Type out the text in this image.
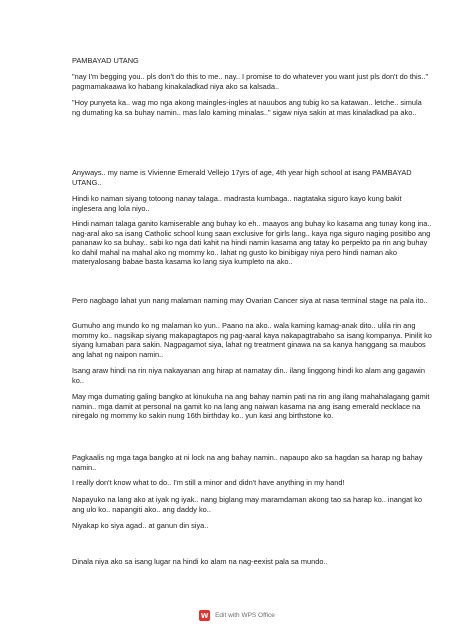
PAMBAYAD UTANG

"nay I'm begging you.. pls don't do this to me.. nay.. I promise to do whatever you want just pls don't do this.." pagmamakaawa ko habang kinakaladkad niya ako sa kalsada..

"Hoy punyeta ka.. wag mo nga akong maingles-ingles at nauubos ang tubig ko sa katawan.. letche.. simula ng dumating ka sa buhay namin.. mas lalo kaming minalas.." sigaw niya sakin at mas kinaladkad pa ako..

Anyways.. my name is Vivienne Emerald Vellejo 17yrs of age, 4th year high school at isang PAMBAYAD UTANG..

Hindi ko naman siyang totoong nanay talaga.. madrasta kumbaga.. nagtataka siguro kayo kung bakit inglesera ang lola niyo..

Hindi naman talaga ganito kamiserable ang buhay ko eh.. maayos ang buhay ko kasama ang tunay kong ina.. nag-aral ako sa isang Catholic school kung saan exclusive for girls lang.. kaya nga siguro naging positibo ang pananaw ko sa buhay.. sabi ko nga dati kahit na hindi namin kasama ang tatay ko perpekto pa rin ang buhay ko dahil mahal na mahal ako ng mommy ko.. lahat ng gusto ko binibigay niya pero hindi naman ako materyalosang babae basta kasama ko lang siya kumpleto na ako..

Pero nagbago lahat yun nang malaman naming may Ovarian Cancer siya at nasa terminal stage na pala ito..

Gumuho ang mundo ko ng malaman ko yun.. Paano na ako.. wala kaming kamag-anak dito.. ulila rin ang mommy ko.. nagsikap siyang makapagtapos ng pag-aaral kaya nakapagtrabaho sa isang kompanya. Pinilit ko siyang lumaban para sakin. Nagpagamot siya, lahat ng treatment ginawa na sa kanya hanggang sa maubos ang lahat ng naipon namin..

Isang araw hindi na rin niya nakayanan ang hirap at namatay din.. ilang linggong hindi ko alam ang gagawin ko..

May mga dumating galing bangko at kinukuha na ang bahay namin pati na rin ang ilang mahahalagang gamit namin.. mga damit at personal na gamit ko na lang ang naiwan kasama na ang isang emerald necklace na niregalo ng mommy ko sakin nung 16th birthday ko.. yun kasi ang birthstone ko.

Pagkaalis ng mga taga bangko at ni lock na ang bahay namin.. napaupo ako sa hagdan sa harap ng bahay namin..

I really don't know what to do.. I'm still a minor and didn't have anything in my hand!

Napayuko na lang ako at iyak ng iyak.. nang biglang may maramdaman akong tao sa harap ko.. inangat ko ang ulo ko.. napangiti ako.. ang daddy ko..

Niyakap ko siya agad.. at ganun din siya..

Dinala niya ako sa isang lugar na hindi ko alam na nag-eexist pala sa mundo..

W Edit with WPS Office
